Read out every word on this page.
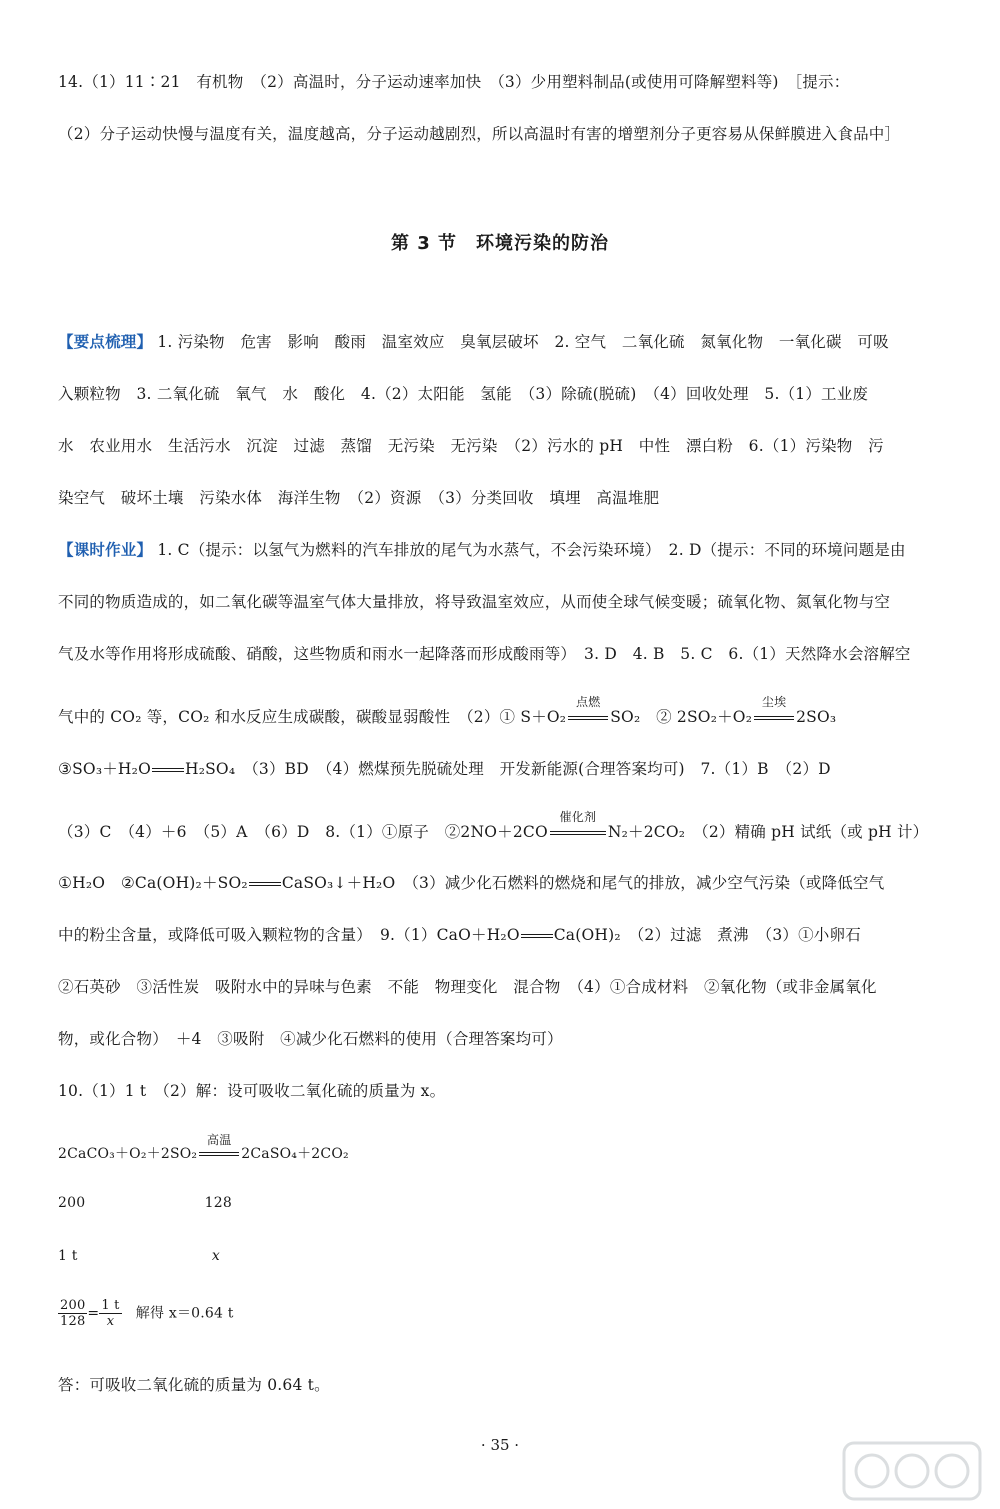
14.（1）11∶21　有机物　（2）高温时，分子运动速率加快　（3）少用塑料制品(或使用可降解塑料等)　［提示：
（2）分子运动快慢与温度有关，温度越高，分子运动越剧烈，所以高温时有害的增塑剂分子更容易从保鲜膜进入食品中］
第 3 节　环境污染的防治
【要点梳理】 1. 污染物　危害　影响　酸雨　温室效应　臭氧层破坏　2. 空气　二氧化硫　氮氧化物　一氧化碳　可吸
入颗粒物　3. 二氧化硫　氧气　水　酸化　4.（2）太阳能　氢能　（3）除硫(脱硫)　（4）回收处理　5.（1）工业废
水　农业用水　生活污水　沉淀　过滤　蒸馏　无污染　无污染　（2）污水的 pH　中性　漂白粉　6.（1）污染物　污
染空气　破坏土壤　污染水体　海洋生物　（2）资源　（3）分类回收　填埋　高温堆肥
【课时作业】 1. C（提示：以氢气为燃料的汽车排放的尾气为水蒸气，不会污染环境）　2. D（提示：不同的环境问题是由
不同的物质造成的，如二氧化碳等温室气体大量排放，将导致温室效应，从而使全球气候变暖；硫氧化物、氮氧化物与空
气及水等作用将形成硫酸、硝酸，这些物质和雨水一起降落而形成酸雨等）　3. D　4. B　5. C　6.（1）天然降水会溶解空
气中的 CO₂ 等，CO₂ 和水反应生成碳酸，碳酸显弱酸性　（2）① S＋O₂
点燃
SO₂　② 2SO₂＋O₂
尘埃
2SO₃
③SO₃＋H₂O H₂SO₄　（3）BD　（4）燃煤预先脱硫处理　开发新能源(合理答案均可)　7.（1）B　（2）D
（3）C　（4）＋6　（5）A　（6）D　8.（1）①原子　②2NO＋2CO
催化剂
N₂＋2CO₂　（2）精确 pH 试纸（或 pH 计）
①H₂O　②Ca(OH)₂＋SO₂ CaSO₃↓＋H₂O　（3）减少化石燃料的燃烧和尾气的排放，减少空气污染（或降低空气
中的粉尘含量，或降低可吸入颗粒物的含量）　9.（1）CaO＋H₂O Ca(OH)₂　（2）过滤　煮沸　（3）①小卵石
②石英砂　③活性炭　吸附水中的异味与色素　不能　物理变化　混合物　（4）①合成材料　②氧化物（或非金属氧化
物，或化合物）　＋4　③吸附　④减少化石燃料的使用（合理答案均可）
10.（1）1 t　（2）解：设可吸收二氧化硫的质量为 x。
2CaCO₃＋O₂＋2SO₂
高温
2CaSO₄＋2CO₂
200	128
1 t	x
$\frac{200}{128} = \frac{1 t}{x}$ 　解得 x＝0.64 t
答：可吸收二氧化硫的质量为 0.64 t。
· 35 ·
